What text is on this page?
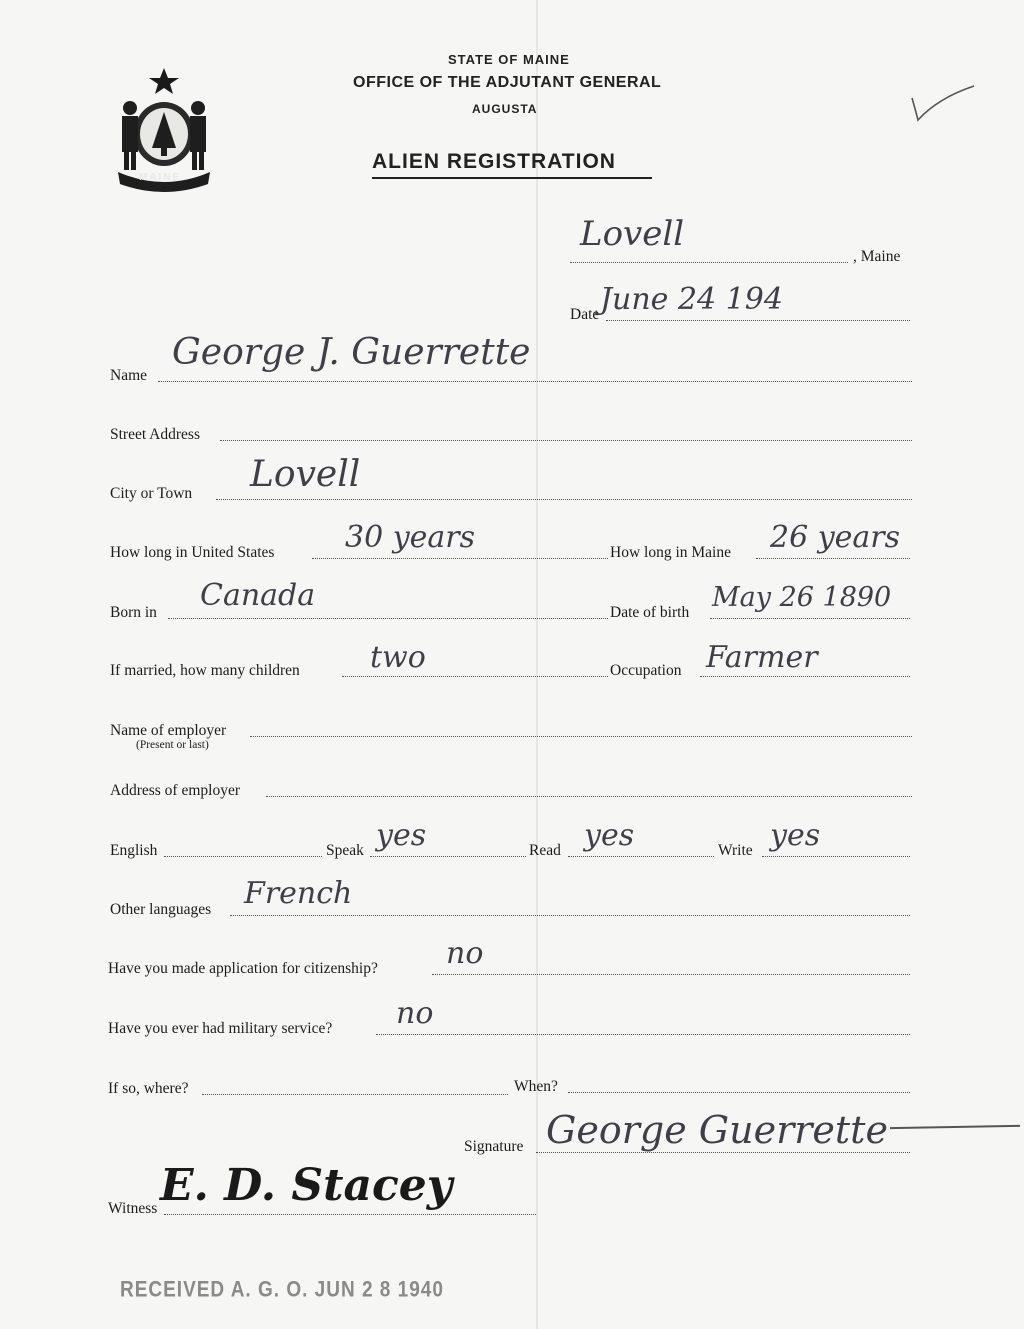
MAINE
STATE OF MAINE
OFFICE OF THE ADJUTANT GENERAL
AUGUSTA
ALIEN REGISTRATION
Lovell
, Maine
Date June 24 194
Name
George J. Guerrette
Street Address
City or Town Lovell
How long in United States 30 years	How long in Maine 26 years
Born in Canada	Date of birth May 26 1890
If married, how many children two	Occupation Farmer
Name of employer
(Present or last)
Address of employer
English	Speak yes	Read yes	Write yes
Other languages French
Have you made application for citizenship? no
Have you ever had military service? no
If so, where?	When?
Signature George Guerrette
Witness E. D. Stacey
RECEIVED A. G. O. JUN 2 8 1940
